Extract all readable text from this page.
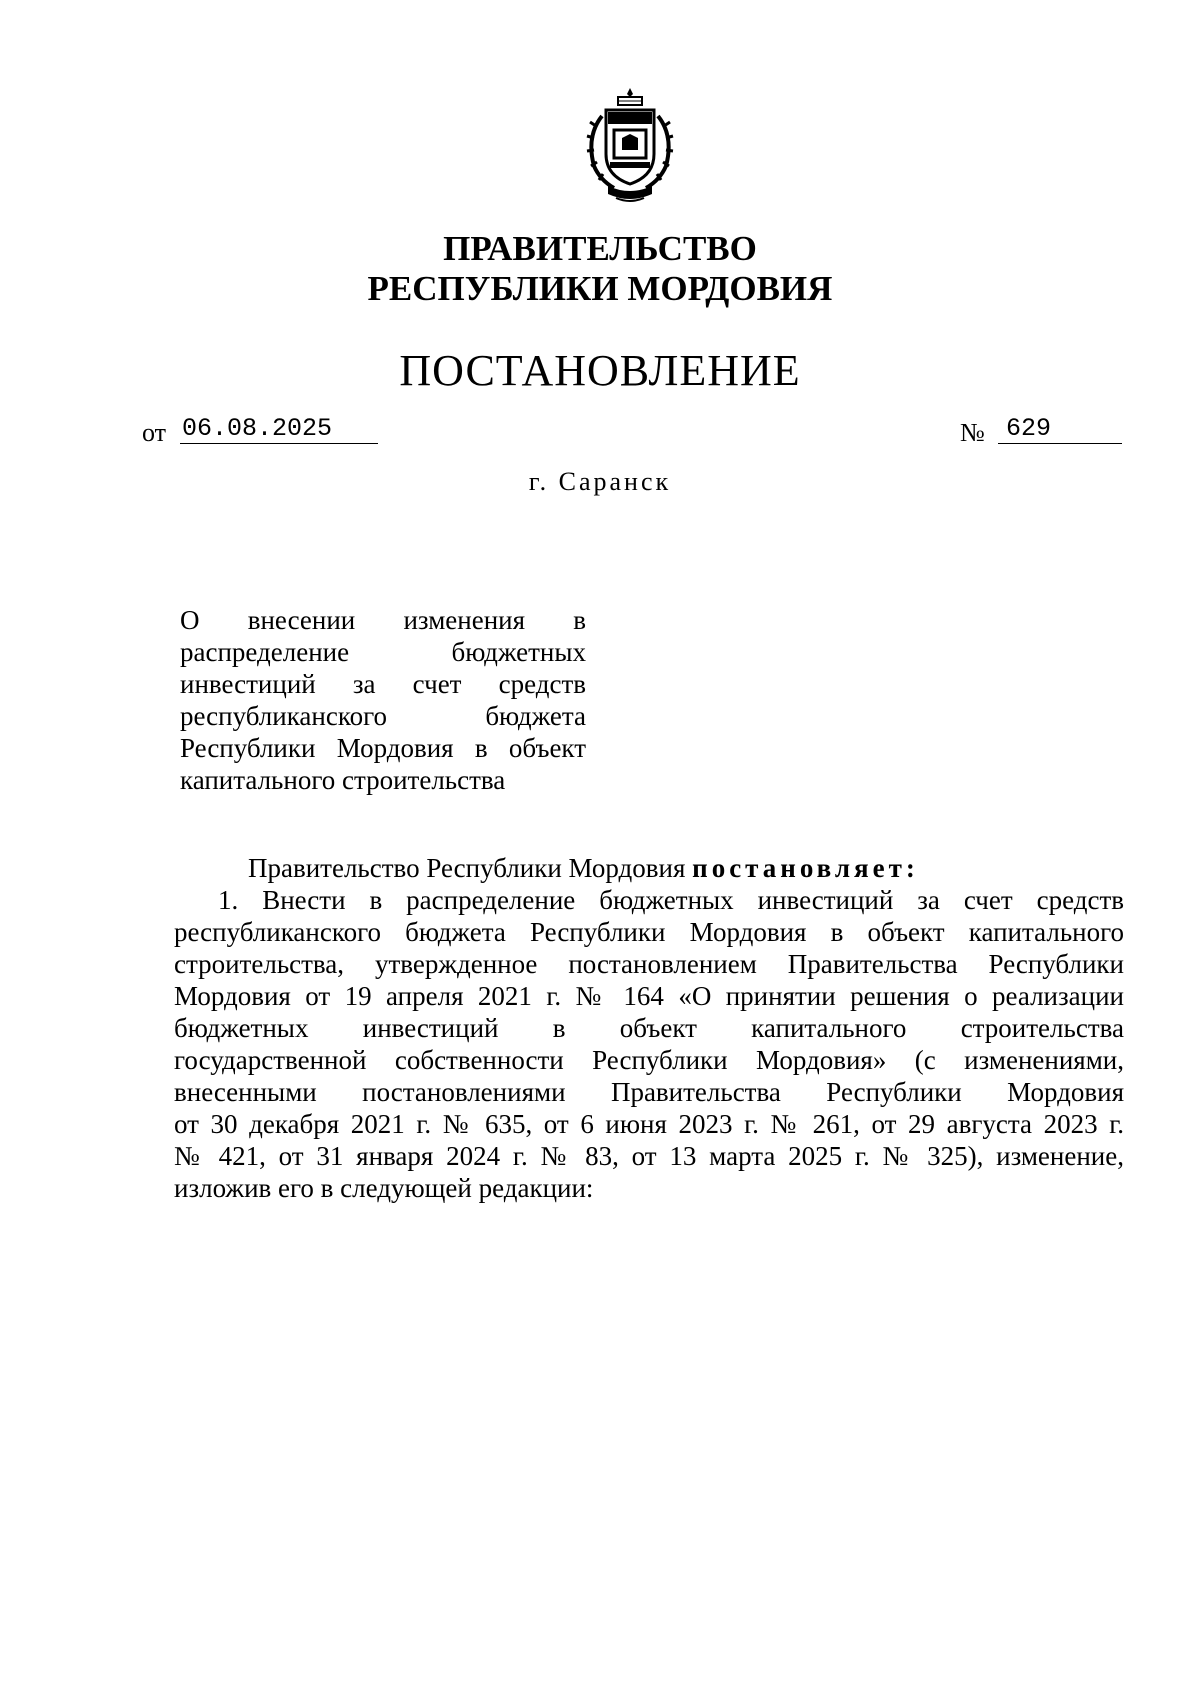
ПРАВИТЕЛЬСТВО
РЕСПУБЛИКИ МОРДОВИЯ
ПОСТАНОВЛЕНИЕ
от 06.08.2025	№ 629
г. Саранск
О внесении изменения в
распределение бюджетных
инвестиций за счет средств
республиканского бюджета
Республики Мордовия в объект
капитального строительства
Правительство Республики Мордовия постановляет:
1. Внести в распределение бюджетных инвестиций за счет средств
республиканского бюджета Республики Мордовия в объект капитального
строительства, утвержденное постановлением Правительства Республики
Мордовия от 19 апреля 2021 г. № 164 «О принятии решения о реализации
бюджетных инвестиций в объект капитального строительства
государственной собственности Республики Мордовия» (с изменениями,
внесенными постановлениями Правительства Республики Мордовия
от 30 декабря 2021 г. № 635, от 6 июня 2023 г. № 261, от 29 августа 2023 г.
№ 421, от 31 января 2024 г. № 83, от 13 марта 2025 г. № 325), изменение,
изложив его в следующей редакции:
